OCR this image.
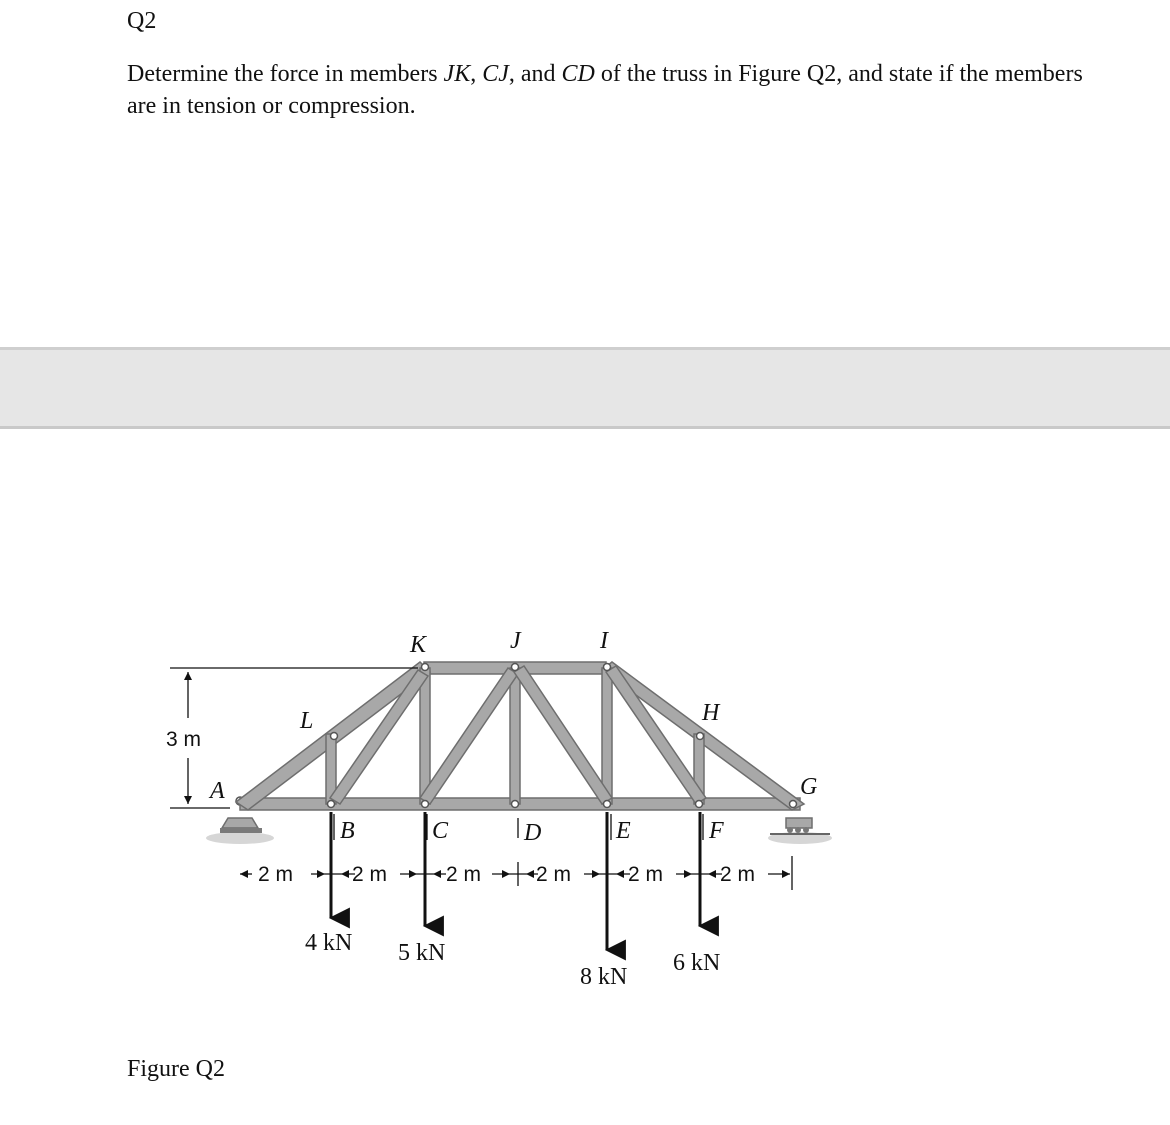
Q2
Determine the force in members JK, CJ, and CD of the truss in Figure Q2, and state if the members are in tension or compression.
3 m
A
L
K	J	I
H
G
B	C	D	E	F
2 m	2 m	2 m	2 m	2 m	2 m
4 kN 5 kN
8 kN
6 kN
Figure Q2
